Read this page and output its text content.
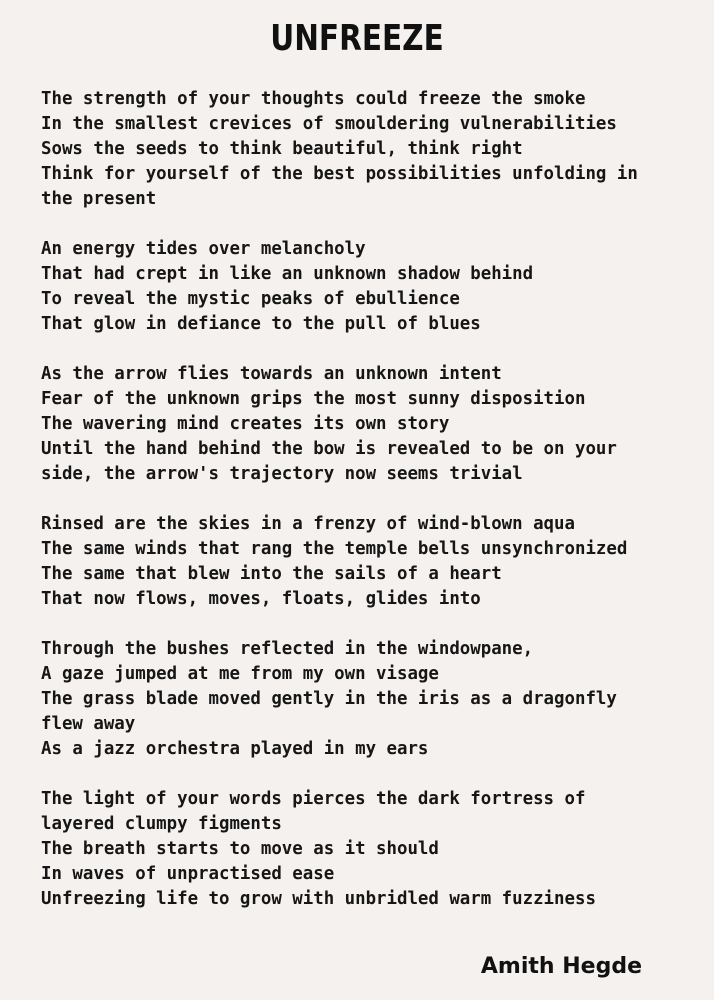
UNFREEZE
The strength of your thoughts could freeze the smoke
In the smallest crevices of smouldering vulnerabilities
Sows the seeds to think beautiful, think right
Think for yourself of the best possibilities unfolding in
the present
An energy tides over melancholy
That had crept in like an unknown shadow behind
To reveal the mystic peaks of ebullience
That glow in defiance to the pull of blues
As the arrow flies towards an unknown intent
Fear of the unknown grips the most sunny disposition
The wavering mind creates its own story
Until the hand behind the bow is revealed to be on your
side, the arrow's trajectory now seems trivial
Rinsed are the skies in a frenzy of wind-blown aqua
The same winds that rang the temple bells unsynchronized
The same that blew into the sails of a heart
That now flows, moves, floats, glides into
Through the bushes reflected in the windowpane,
A gaze jumped at me from my own visage
The grass blade moved gently in the iris as a dragonfly
flew away
As a jazz orchestra played in my ears
The light of your words pierces the dark fortress of
layered clumpy figments
The breath starts to move as it should
In waves of unpractised ease
Unfreezing life to grow with unbridled warm fuzziness
Amith Hegde
